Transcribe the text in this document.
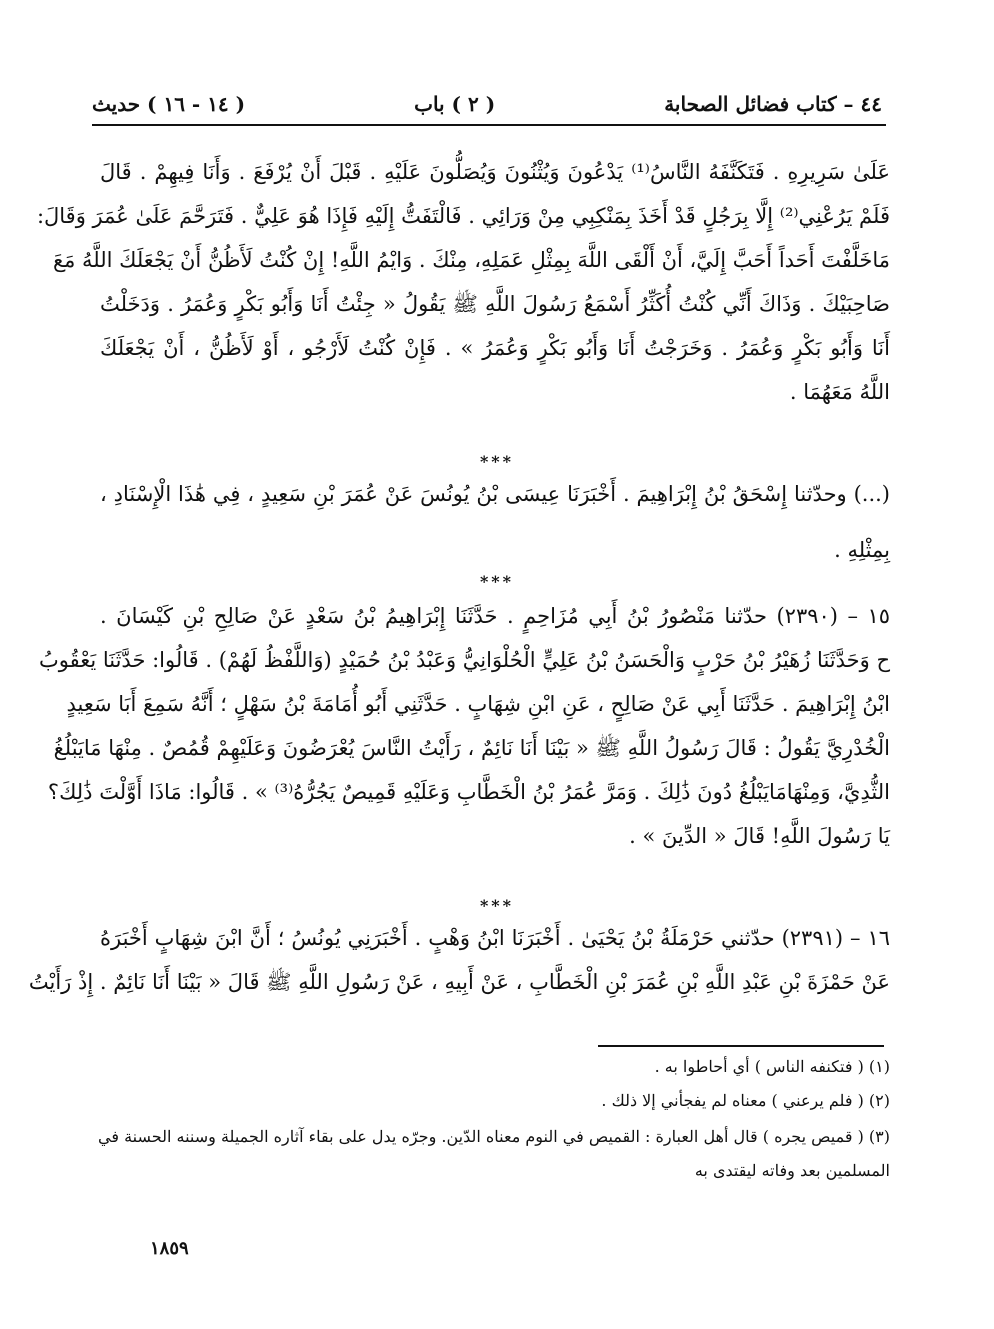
٤٤ – كتاب فضائل الصحابة
( ٢ ) باب
( ١٤ - ١٦ ) حديث
عَلَىٰ سَرِيرِهِ . فَتَكَنَّفَهُ النَّاسُ⁽¹⁾ يَدْعُونَ وَيُثْنُونَ وَيُصَلُّونَ عَلَيْهِ . قَبْلَ أَنْ يُرْفَعَ . وَأَنَا فِيهِمْ . قَالَ
فَلَمْ يَرُعْنِي⁽²⁾ إِلَّا بِرَجُلٍ قَدْ أَخَذَ بِمَنْكِبِي مِنْ وَرَائِي . فَالْتَفَتُّ إِلَيْهِ فَإِذَا هُوَ عَلِيٌّ . فَتَرَحَّمَ عَلَىٰ عُمَرَ وَقَالَ:
مَاخَلَّفْتَ أَحَداً أَحَبَّ إِلَيَّ، أَنْ أَلْقَى اللَّهَ بِمِثْلِ عَمَلِهِ، مِنْكَ . وَايْمُ اللَّهِ! إِنْ كُنْتُ لَأَظُنُّ أَنْ يَجْعَلَكَ اللَّهُ مَعَ
صَاحِبَيْكَ . وَذَاكَ أَنِّي كُنْتُ أُكَثِّرُ أَسْمَعُ رَسُولَ اللَّهِ ﷺ يَقُولُ « جِئْتُ أَنَا وَأَبُو بَكْرٍ وَعُمَرُ . وَدَخَلْتُ
أَنَا وَأَبُو بَكْرٍ وَعُمَرُ . وَخَرَجْتُ أَنَا وَأَبُو بَكْرٍ وَعُمَرُ » . فَإِنْ كُنْتُ لَأَرْجُو ، أَوْ لَأَظُنُّ ، أَنْ يَجْعَلَكَ
اللَّهُ مَعَهُمَا .
***
(...) وحدّثنا إِسْحَقُ بْنُ إِبْرَاهِيمَ . أَخْبَرَنَا عِيسَى بْنُ يُونُسَ عَنْ عُمَرَ بْنِ سَعِيدٍ ، فِي هَٰذَا الْإِسْنَادِ ،
بِمِثْلِهِ .
***
١٥ – (٢٣٩٠) حدّثنا مَنْصُورُ بْنُ أَبِي مُزَاحِمٍ . حَدَّثَنَا إِبْرَاهِيمُ بْنُ سَعْدٍ عَنْ صَالِحِ بْنِ كَيْسَانَ .
ح وَحَدَّثَنَا زُهَيْرُ بْنُ حَرْبٍ وَالْحَسَنُ بْنُ عَلِيٍّ الْحُلْوَانِيُّ وَعَبْدُ بْنُ حُمَيْدٍ (وَاللَّفْظُ لَهُمْ) . قَالُوا: حَدَّثَنَا يَعْقُوبُ
ابْنُ إِبْرَاهِيمَ . حَدَّثَنَا أَبِي عَنْ صَالِحٍ ، عَنِ ابْنِ شِهَابٍ . حَدَّثَنِي أَبُو أُمَامَةَ بْنُ سَهْلٍ ؛ أَنَّهُ سَمِعَ أَبَا سَعِيدٍ
الْخُدْرِيَّ يَقُولُ : قَالَ رَسُولُ اللَّهِ ﷺ « بَيْنَا أَنَا نَائِمٌ ، رَأَيْتُ النَّاسَ يُعْرَضُونَ وَعَلَيْهِمْ قُمُصٌ . مِنْهَا مَايَبْلُغُ
الثُّدِيَّ، وَمِنْهَامَايَبْلُغُ دُونَ ذَٰلِكَ . وَمَرَّ عُمَرُ بْنُ الْخَطَّابِ وَعَلَيْهِ قَمِيصٌ يَجُرُّهُ⁽³⁾ » . قَالُوا: مَاذَا أَوَّلْتَ ذَٰلِكَ؟
يَا رَسُولَ اللَّهِ! قَالَ « الدِّينَ » .
***
١٦ – (٢٣٩١) حدّثني حَرْمَلَةُ بْنُ يَحْيَىٰ . أَخْبَرَنَا ابْنُ وَهْبٍ . أَخْبَرَنِي يُونُسُ ؛ أَنَّ ابْنَ شِهَابٍ أَخْبَرَهُ
عَنْ حَمْزَةَ بْنِ عَبْدِ اللَّهِ بْنِ عُمَرَ بْنِ الْخَطَّابِ ، عَنْ أَبِيهِ ، عَنْ رَسُولِ اللَّهِ ﷺ قَالَ « بَيْنَا أَنَا نَائِمٌ . إِذْ رَأَيْتُ
(١) ( فتكنفه الناس ) أي أحاطوا به .
(٢) ( فلم يرعني ) معناه لم يفجأني إلا ذلك .
(٣) ( قميص يجره ) قال أهل العبارة : القميص في النوم معناه الدّين. وجرّه يدل على بقاء آثاره الجميلة وسننه الحسنة في
المسلمين بعد وفاته ليقتدى به
١٨٥٩
